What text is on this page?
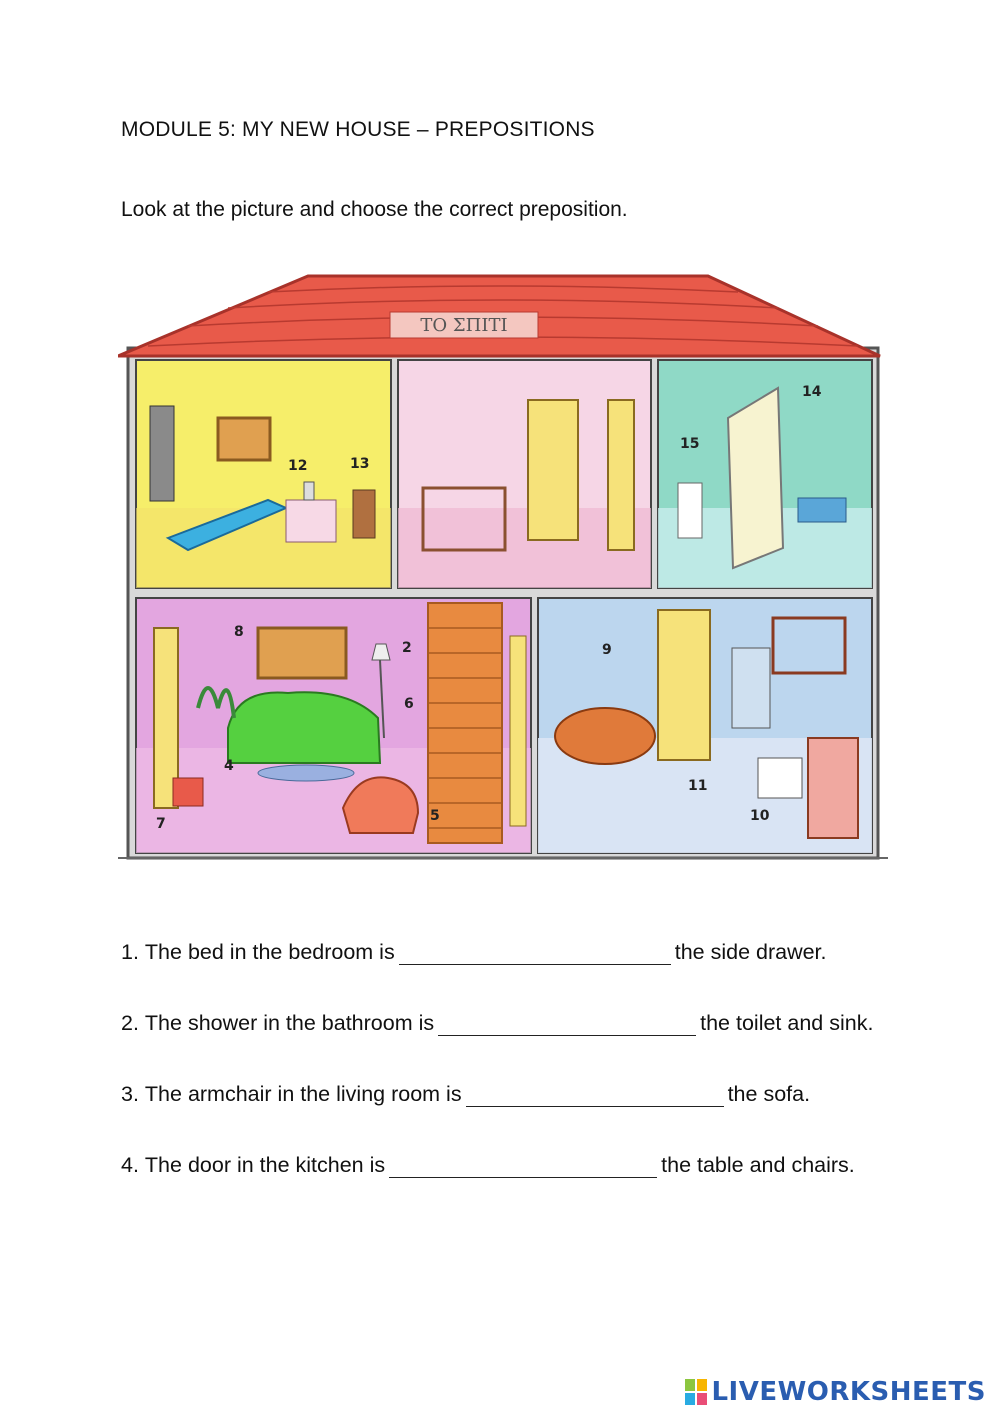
MODULE 5: MY NEW HOUSE – PREPOSITIONS
Look at the picture and choose the correct preposition.
ΤΟ ΣΠΙΤΙ
12	13
14
15
8
2
6
4
7	5
9
11
10
1.
The bed in the bedroom is	the side drawer.
2.
The shower in the bathroom is	the toilet and sink.
3.
The armchair in the living room is	the sofa.
4.
The door in the kitchen is	the table and chairs.
LIVEWORKSHEETS
